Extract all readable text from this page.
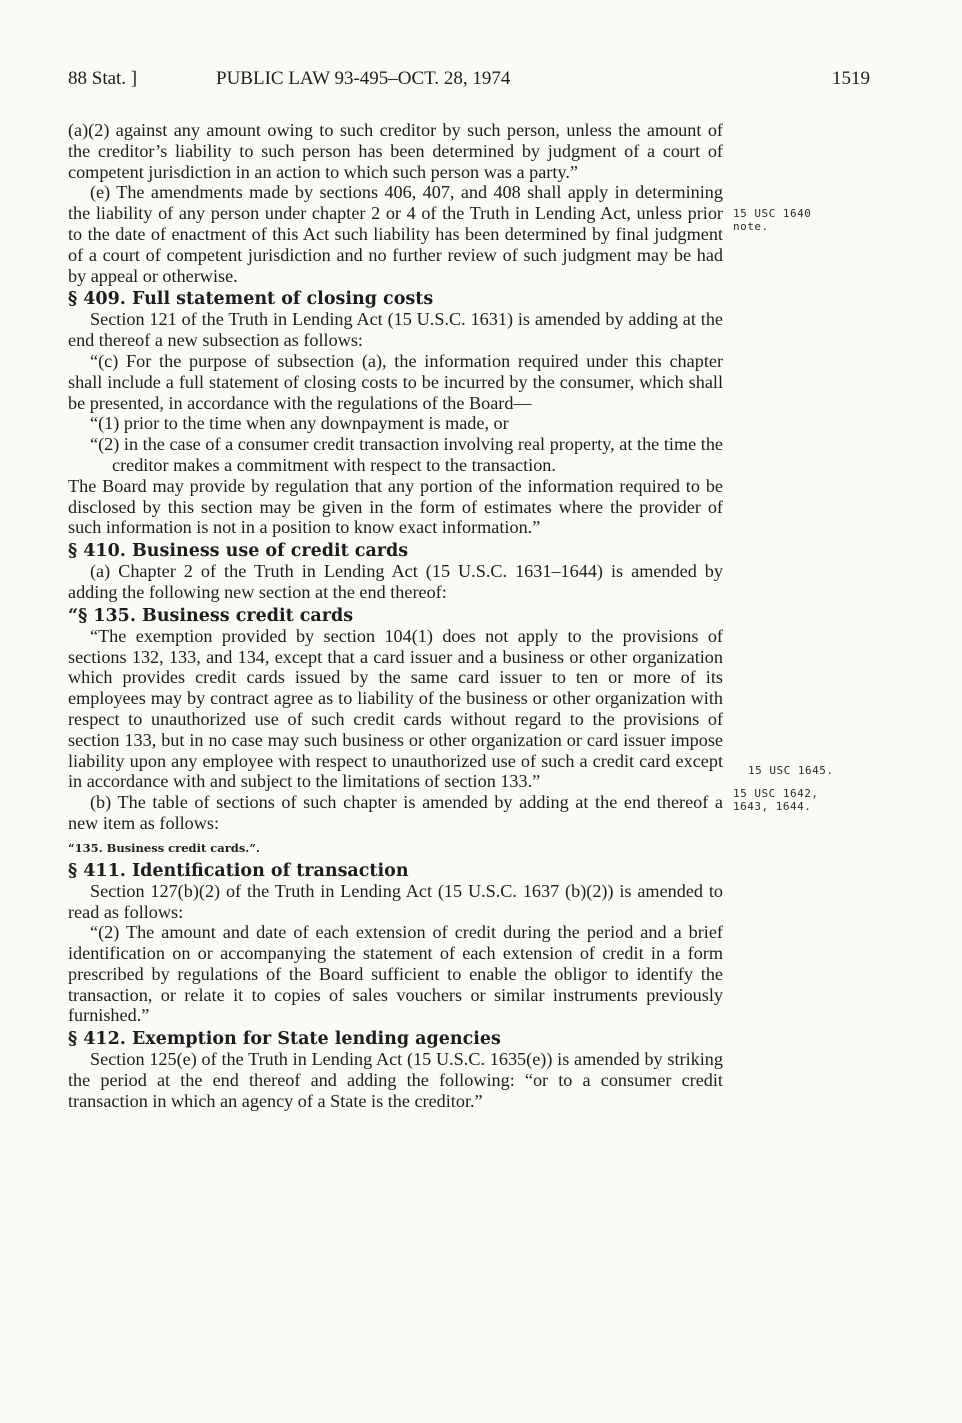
88 Stat. ]	PUBLIC LAW 93-495–OCT. 28, 1974	1519

(a)(2) against any amount owing to such creditor by such person, unless the amount of the creditor’s liability to such person has been determined by judgment of a court of competent jurisdiction in an action to which such person was a party.”

(e) The amendments made by sections 406, 407, and 408 shall apply in determining the liability of any person under chapter 2 or 4 of the Truth in Lending Act, unless prior to the date of enactment of this Act such liability has been determined by final judgment of a court of competent jurisdiction and no further review of such judgment may be had by appeal or otherwise.

§ 409. Full statement of closing costs

Section 121 of the Truth in Lending Act (15 U.S.C. 1631) is amended by adding at the end thereof a new subsection as follows:

“(c) For the purpose of subsection (a), the information required under this chapter shall include a full statement of closing costs to be incurred by the consumer, which shall be presented, in accordance with the regulations of the Board—

“(1) prior to the time when any downpayment is made, or

“(2) in the case of a consumer credit transaction involving real property, at the time the creditor makes a commitment with respect to the transaction.

The Board may provide by regulation that any portion of the information required to be disclosed by this section may be given in the form of estimates where the provider of such information is not in a position to know exact information.”

§ 410. Business use of credit cards

(a) Chapter 2 of the Truth in Lending Act (15 U.S.C. 1631–1644) is amended by adding the following new section at the end thereof:

“§ 135. Business credit cards

“The exemption provided by section 104(1) does not apply to the provisions of sections 132, 133, and 134, except that a card issuer and a business or other organization which provides credit cards issued by the same card issuer to ten or more of its employees may by contract agree as to liability of the business or other organization with respect to unauthorized use of such credit cards without regard to the provisions of section 133, but in no case may such business or other organization or card issuer impose liability upon any employee with respect to unauthorized use of such a credit card except in accordance with and subject to the limitations of section 133.”

(b) The table of sections of such chapter is amended by adding at the end thereof a new item as follows:

“135. Business credit cards.”.

§ 411. Identification of transaction

Section 127(b)(2) of the Truth in Lending Act (15 U.S.C. 1637 (b)(2)) is amended to read as follows:

“(2) The amount and date of each extension of credit during the period and a brief identification on or accompanying the statement of each extension of credit in a form prescribed by regulations of the Board sufficient to enable the obligor to identify the transaction, or relate it to copies of sales vouchers or similar instruments previously furnished.”

§ 412. Exemption for State lending agencies

Section 125(e) of the Truth in Lending Act (15 U.S.C. 1635(e)) is amended by striking the period at the end thereof and adding the following: “or to a consumer credit transaction in which an agency of a State is the creditor.”

15 USC 1640 note.
15 USC 1645.
15 USC 1642, 1643, 1644.
